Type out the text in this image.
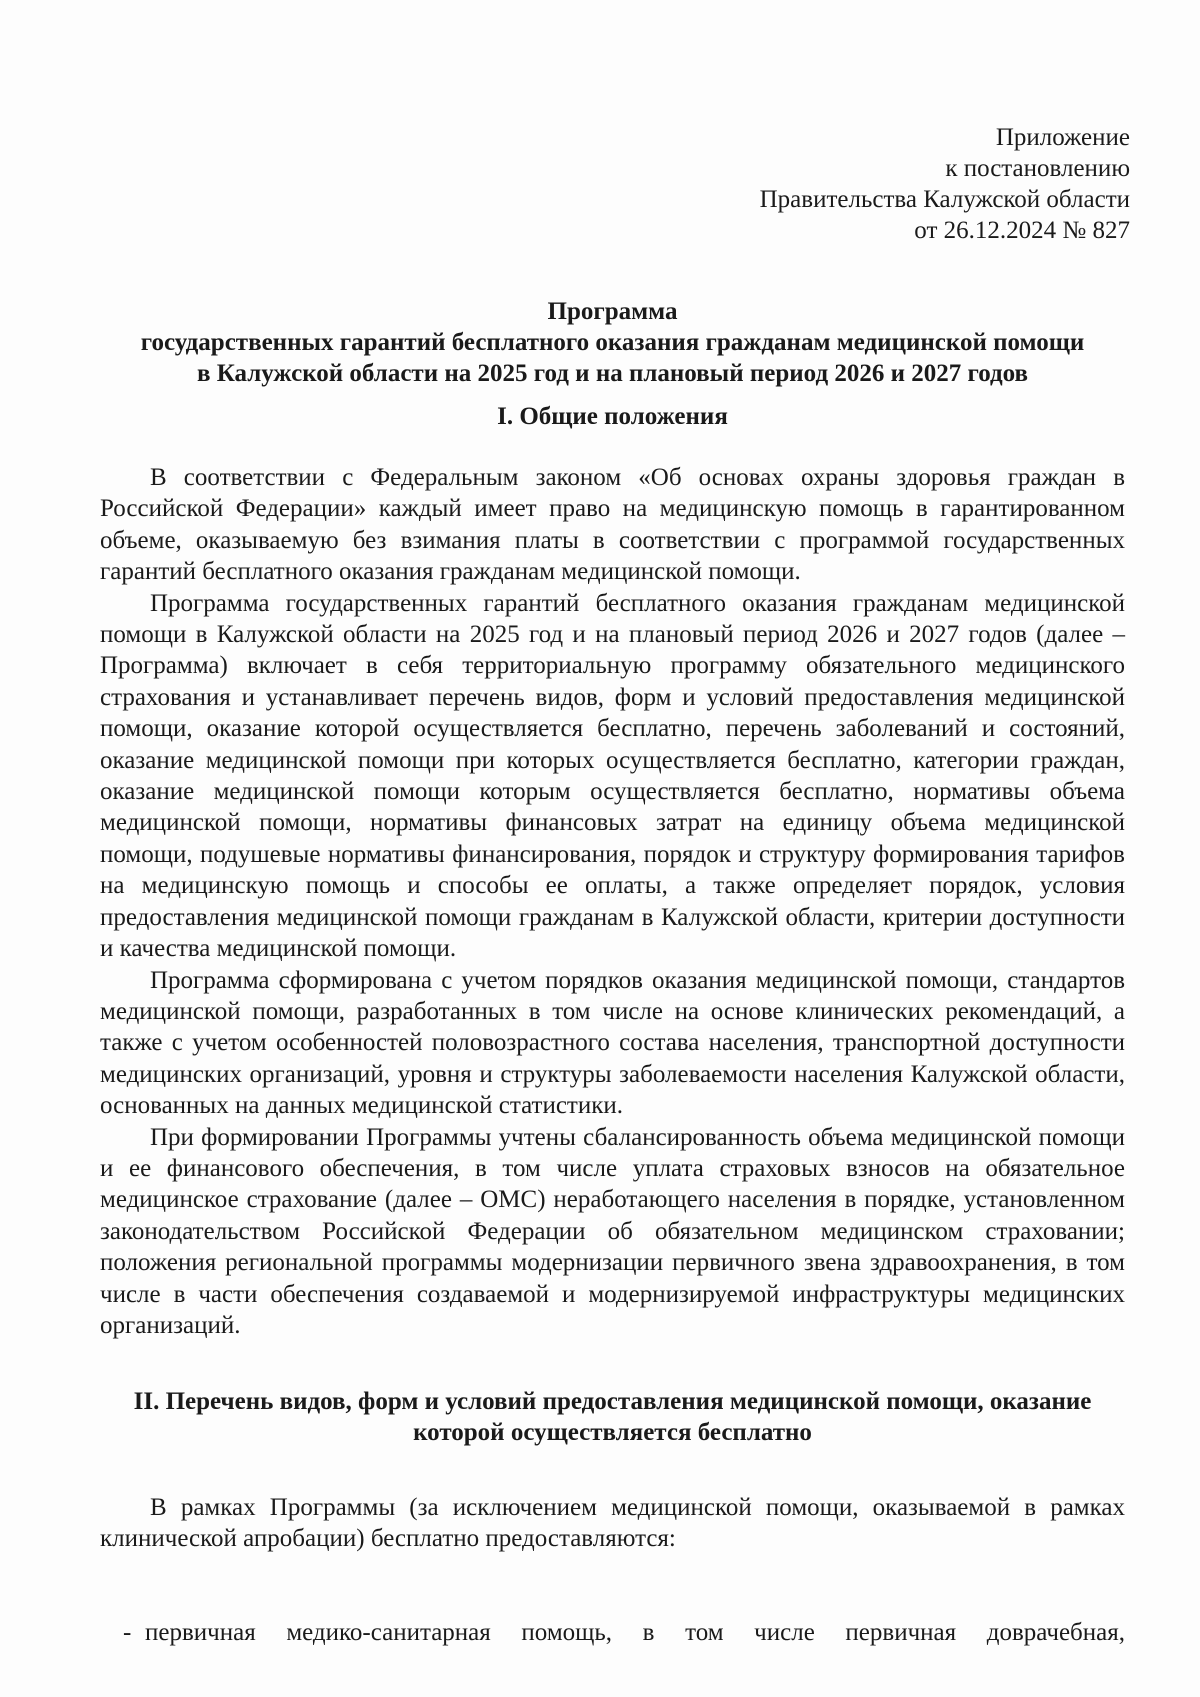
Приложение
к постановлению
Правительства Калужской области
от 26.12.2024 № 827
Программа
государственных гарантий бесплатного оказания гражданам медицинской помощи
в Калужской области на 2025 год и на плановый период 2026 и 2027 годов
I. Общие положения

В соответствии с Федеральным законом «Об основах охраны здоровья граждан в Российской Федерации» каждый имеет право на медицинскую помощь в гарантированном объеме, оказываемую без взимания платы в соответствии с программой государственных гарантий бесплатного оказания гражданам медицинской помощи.

Программа государственных гарантий бесплатного оказания гражданам медицинской помощи в Калужской области на 2025 год и на плановый период 2026 и 2027 годов (далее – Программа) включает в себя территориальную программу обязательного медицинского страхования и устанавливает перечень видов, форм и условий предоставления медицинской помощи, оказание которой осуществляется бесплатно, перечень заболеваний и состояний, оказание медицинской помощи при которых осуществляется бесплатно, категории граждан, оказание медицинской помощи которым осуществляется бесплатно, нормативы объема медицинской помощи, нормативы финансовых затрат на единицу объема медицинской помощи, подушевые нормативы финансирования, порядок и структуру формирования тарифов на медицинскую помощь и способы ее оплаты, а также определяет порядок, условия предоставления медицинской помощи гражданам в Калужской области, критерии доступности и качества медицинской помощи.

Программа сформирована с учетом порядков оказания медицинской помощи, стандартов медицинской помощи, разработанных в том числе на основе клинических рекомендаций, а также с учетом особенностей половозрастного состава населения, транспортной доступности медицинских организаций, уровня и структуры заболеваемости населения Калужской области, основанных на данных медицинской статистики.

При формировании Программы учтены сбалансированность объема медицинской помощи и ее финансового обеспечения, в том числе уплата страховых взносов на обязательное медицинское страхование (далее – ОМС) неработающего населения в порядке, установленном законодательством Российской Федерации об обязательном медицинском страховании; положения региональной программы модернизации первичного звена здравоохранения, в том числе в части обеспечения создаваемой и модернизируемой инфраструктуры медицинских организаций.

II. Перечень видов, форм и условий предоставления медицинской помощи, оказание
которой осуществляется бесплатно

В рамках Программы (за исключением медицинской помощи, оказываемой в рамках клинической апробации) бесплатно предоставляются:

- первичная медико-санитарная помощь, в том числе первичная доврачебная,
